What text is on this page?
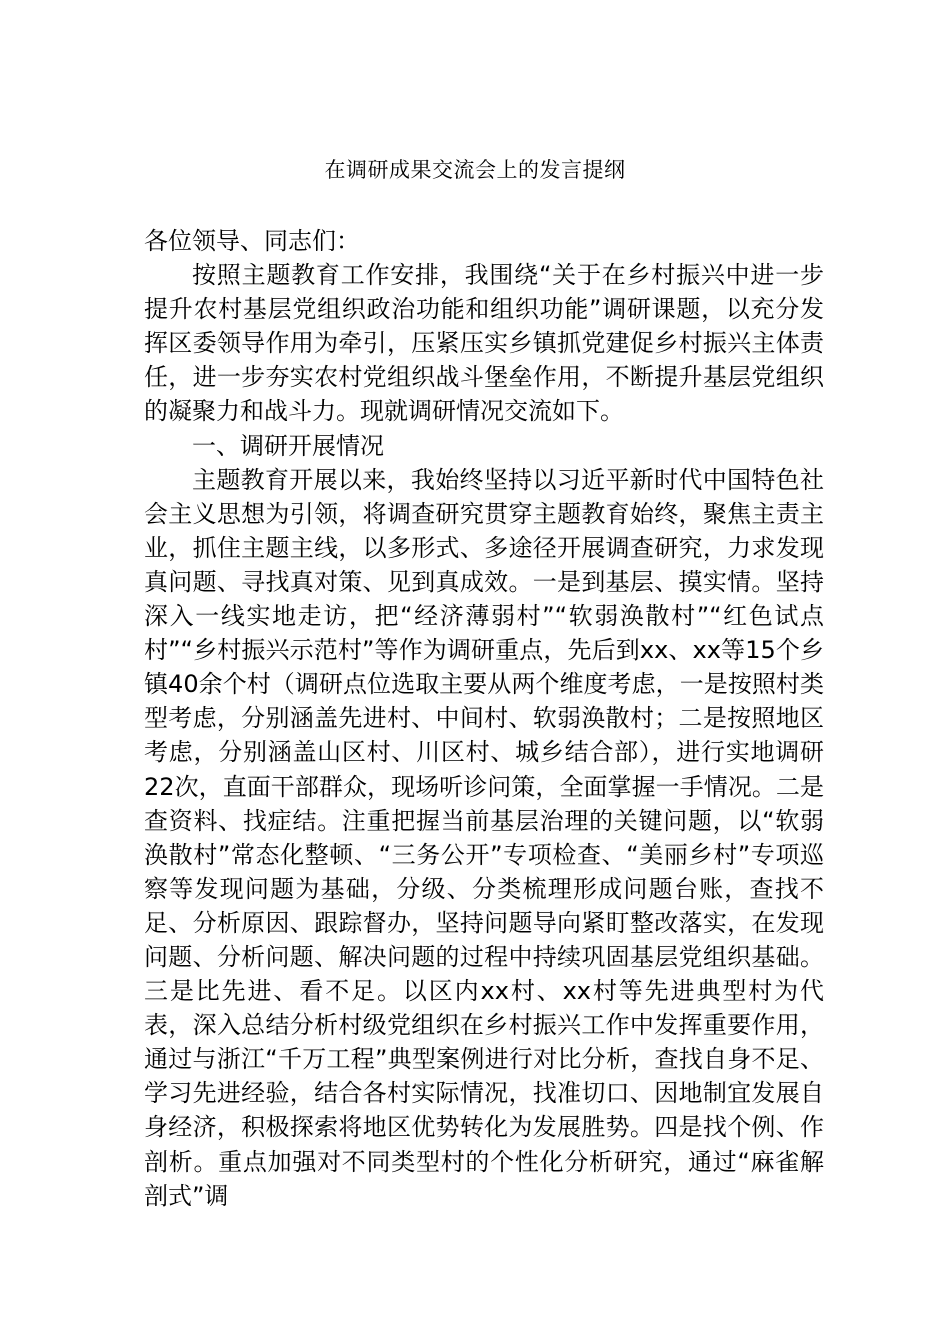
在调研成果交流会上的发言提纲

各位领导、同志们：

按照主题教育工作安排，我围绕“关于在乡村振兴中进一步提升农村基层党组织政治功能和组织功能”调研课题，以充分发挥区委领导作用为牵引，压紧压实乡镇抓党建促乡村振兴主体责任，进一步夯实农村党组织战斗堡垒作用，不断提升基层党组织的凝聚力和战斗力。现就调研情况交流如下。

一、调研开展情况

主题教育开展以来，我始终坚持以习近平新时代中国特色社会主义思想为引领，将调查研究贯穿主题教育始终，聚焦主责主业，抓住主题主线，以多形式、多途径开展调查研究，力求发现真问题、寻找真对策、见到真成效。一是到基层、摸实情。坚持深入一线实地走访，把“经济薄弱村”“软弱涣散村”“红色试点村”“乡村振兴示范村”等作为调研重点，先后到xx、xx等15个乡镇40余个村（调研点位选取主要从两个维度考虑，一是按照村类型考虑，分别涵盖先进村、中间村、软弱涣散村；二是按照地区考虑，分别涵盖山区村、川区村、城乡结合部），进行实地调研22次，直面干部群众，现场听诊问策，全面掌握一手情况。二是查资料、找症结。注重把握当前基层治理的关键问题，以“软弱涣散村”常态化整顿、“三务公开”专项检查、“美丽乡村”专项巡察等发现问题为基础，分级、分类梳理形成问题台账，查找不足、分析原因、跟踪督办，坚持问题导向紧盯整改落实，在发现问题、分析问题、解决问题的过程中持续巩固基层党组织基础。三是比先进、看不足。以区内xx村、xx村等先进典型村为代表，深入总结分析村级党组织在乡村振兴工作中发挥重要作用，通过与浙江“千万工程”典型案例进行对比分析，查找自身不足、学习先进经验，结合各村实际情况，找准切口、因地制宜发展自身经济，积极探索将地区优势转化为发展胜势。四是找个例、作剖析。重点加强对不同类型村的个性化分析研究，通过“麻雀解剖式”调
